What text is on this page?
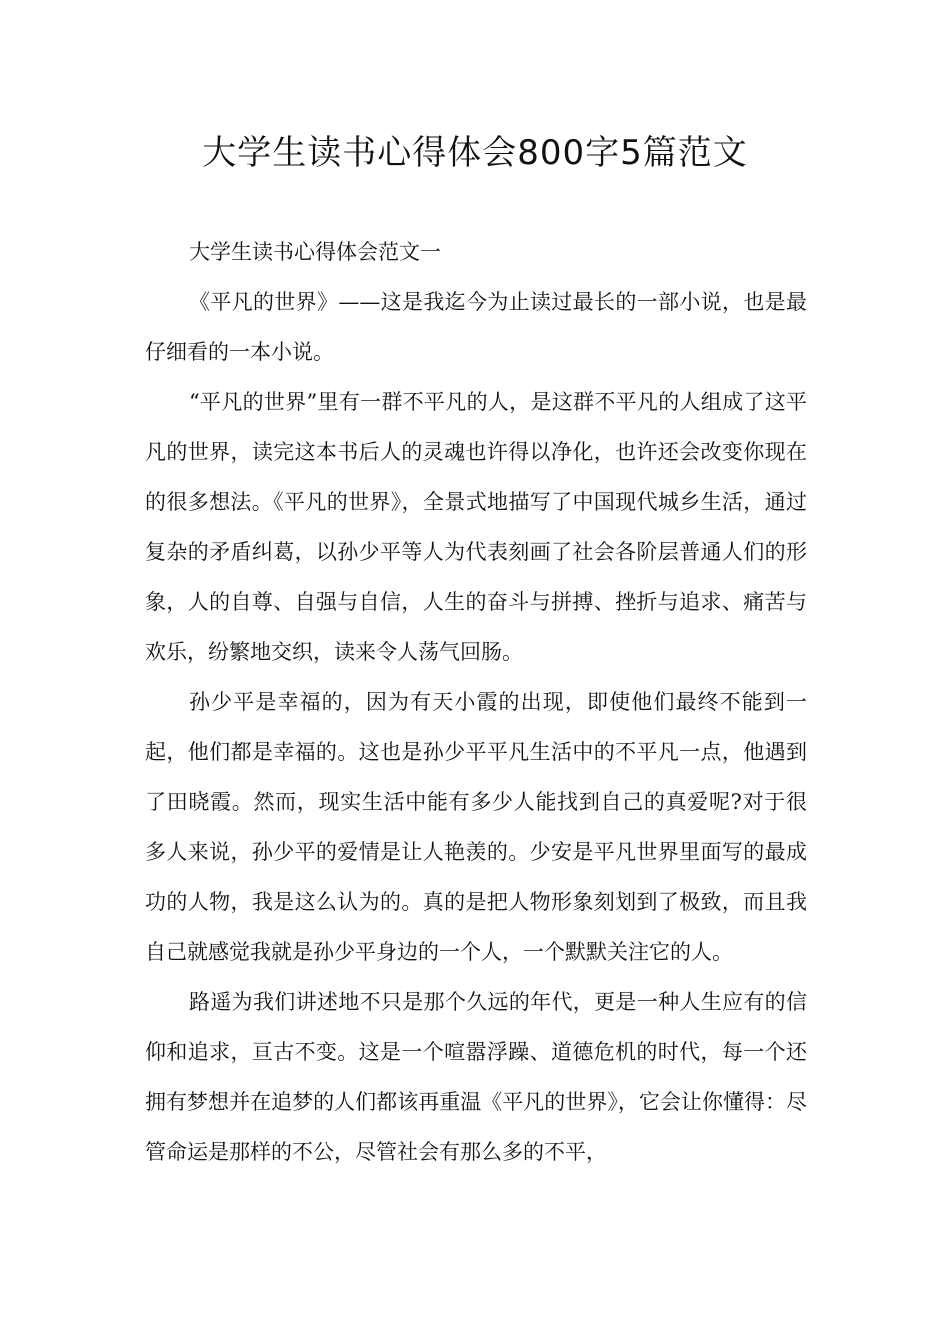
大学生读书心得体会800字5篇范文

大学生读书心得体会范文一

《平凡的世界》——这是我迄今为止读过最长的一部小说，也是最仔细看的一本小说。

“平凡的世界”里有一群不平凡的人，是这群不平凡的人组成了这平凡的世界，读完这本书后人的灵魂也许得以净化，也许还会改变你现在的很多想法。《平凡的世界》，全景式地描写了中国现代城乡生活，通过复杂的矛盾纠葛，以孙少平等人为代表刻画了社会各阶层普通人们的形象，人的自尊、自强与自信，人生的奋斗与拼搏、挫折与追求、痛苦与欢乐，纷繁地交织，读来令人荡气回肠。

孙少平是幸福的，因为有天小霞的出现，即使他们最终不能到一起，他们都是幸福的。这也是孙少平平凡生活中的不平凡一点，他遇到了田晓霞。然而，现实生活中能有多少人能找到自己的真爱呢?对于很多人来说，孙少平的爱情是让人艳羡的。少安是平凡世界里面写的最成功的人物，我是这么认为的。真的是把人物形象刻划到了极致，而且我自己就感觉我就是孙少平身边的一个人，一个默默关注它的人。

路遥为我们讲述地不只是那个久远的年代，更是一种人生应有的信仰和追求，亘古不变。这是一个喧嚣浮躁、道德危机的时代，每一个还拥有梦想并在追梦的人们都该再重温《平凡的世界》，它会让你懂得：尽管命运是那样的不公，尽管社会有那么多的不平，
